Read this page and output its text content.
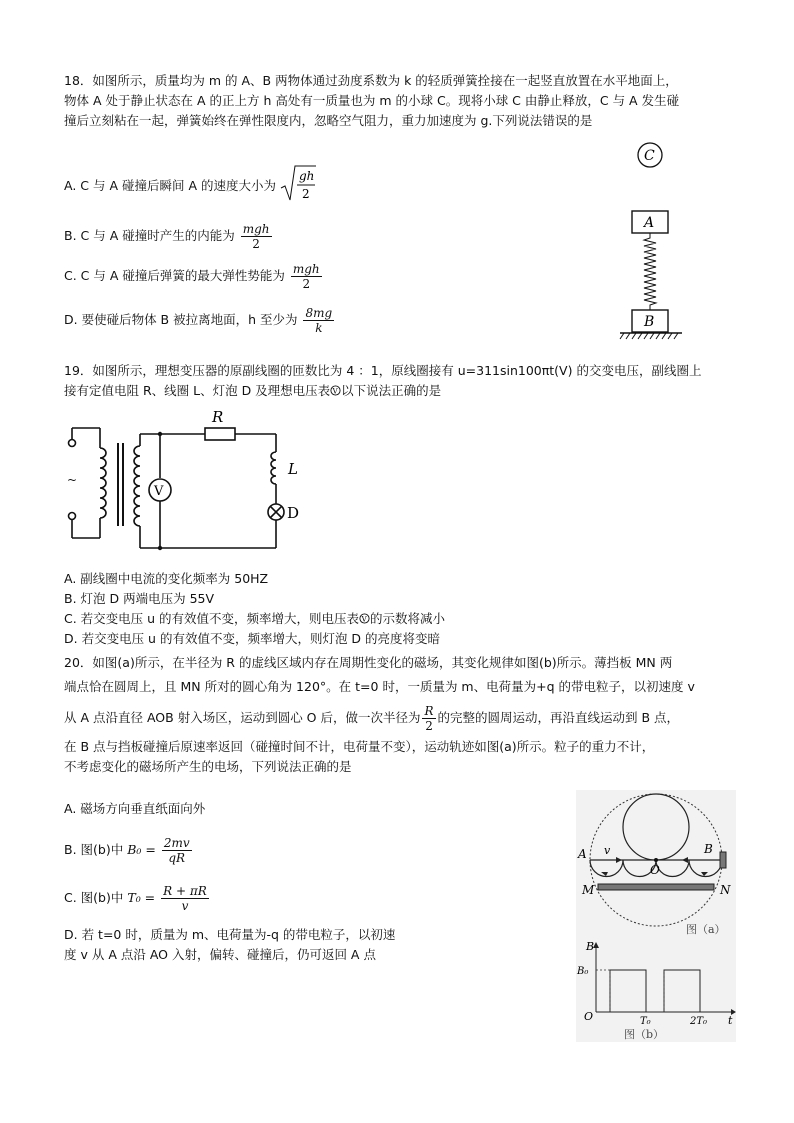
18．如图所示，质量均为 m 的 A、B 两物体通过劲度系数为 k 的轻质弹簧拴接在一起竖直放置在水平地面上，
物体 A 处于静止状态在 A 的正上方 h 高处有一质量也为 m 的小球 C。现将小球 C 由静止释放，C 与 A 发生碰
撞后立刻粘在一起，弹簧始终在弹性限度内，忽略空气阻力，重力加速度为 g.下列说法错误的是
A. C 与 A 碰撞后瞬间 A 的速度大小为
gh
2
B. C 与 A 碰撞时产生的内能为 $\frac{\text{mgh}}{2}$
C. C 与 A 碰撞后弹簧的最大弹性势能为 $\frac{\text{mgh}}{2}$
D. 要使碰后物体 B 被拉离地面，h 至少为 $\frac{8mg}{k}$
C
A
B
19．如图所示，理想变压器的原副线圈的匝数比为 4 ：1，原线圈接有 u=311sin100πt(V) 的交变电压，副线圈上
接有定值电阻 R、线圈 L、灯泡 D 及理想电压表 V 以下说法正确的是
~
V
R
L
D
A. 副线圈中电流的变化频率为 50HZ
B. 灯泡 D 两端电压为 55V
C. 若交变电压 u 的有效值不变，频率增大，则电压表 V 的示数将减小
D. 若交变电压 u 的有效值不变，频率增大，则灯泡 D 的亮度将变暗
20．如图(a)所示，在半径为 R 的虚线区域内存在周期性变化的磁场，其变化规律如图(b)所示。薄挡板 MN 两
端点恰在圆周上，且 MN 所对的圆心角为 120°。在 t=0 时，一质量为 m、电荷量为+q 的带电粒子，以初速度 v
从 A 点沿直径 AOB 射入场区，运动到圆心 O 后，做一次半径为 $\frac{R}{2}$ 的完整的圆周运动，再沿直线运动到 B 点，
在 B 点与挡板碰撞后原速率返回（碰撞时间不计，电荷量不变），运动轨迹如图(a)所示。粒子的重力不计，
不考虑变化的磁场所产生的电场，下列说法正确的是
A. 磁场方向垂直纸面向外
B. 图(b)中 $B_0 = \frac{2mv}{qR}$
C. 图(b)中 $T_0 = \frac{R + \pi R}{v}$
D. 若 t=0 时，质量为 m、电荷量为-q 的带电粒子，以初速
度 v 从 A 点沿 AO 入射，偏转、碰撞后，仍可返回 A 点
A	B
O
v
M	N
图（a）
B
B₀
O	T₀	2T₀ t
图（b）
